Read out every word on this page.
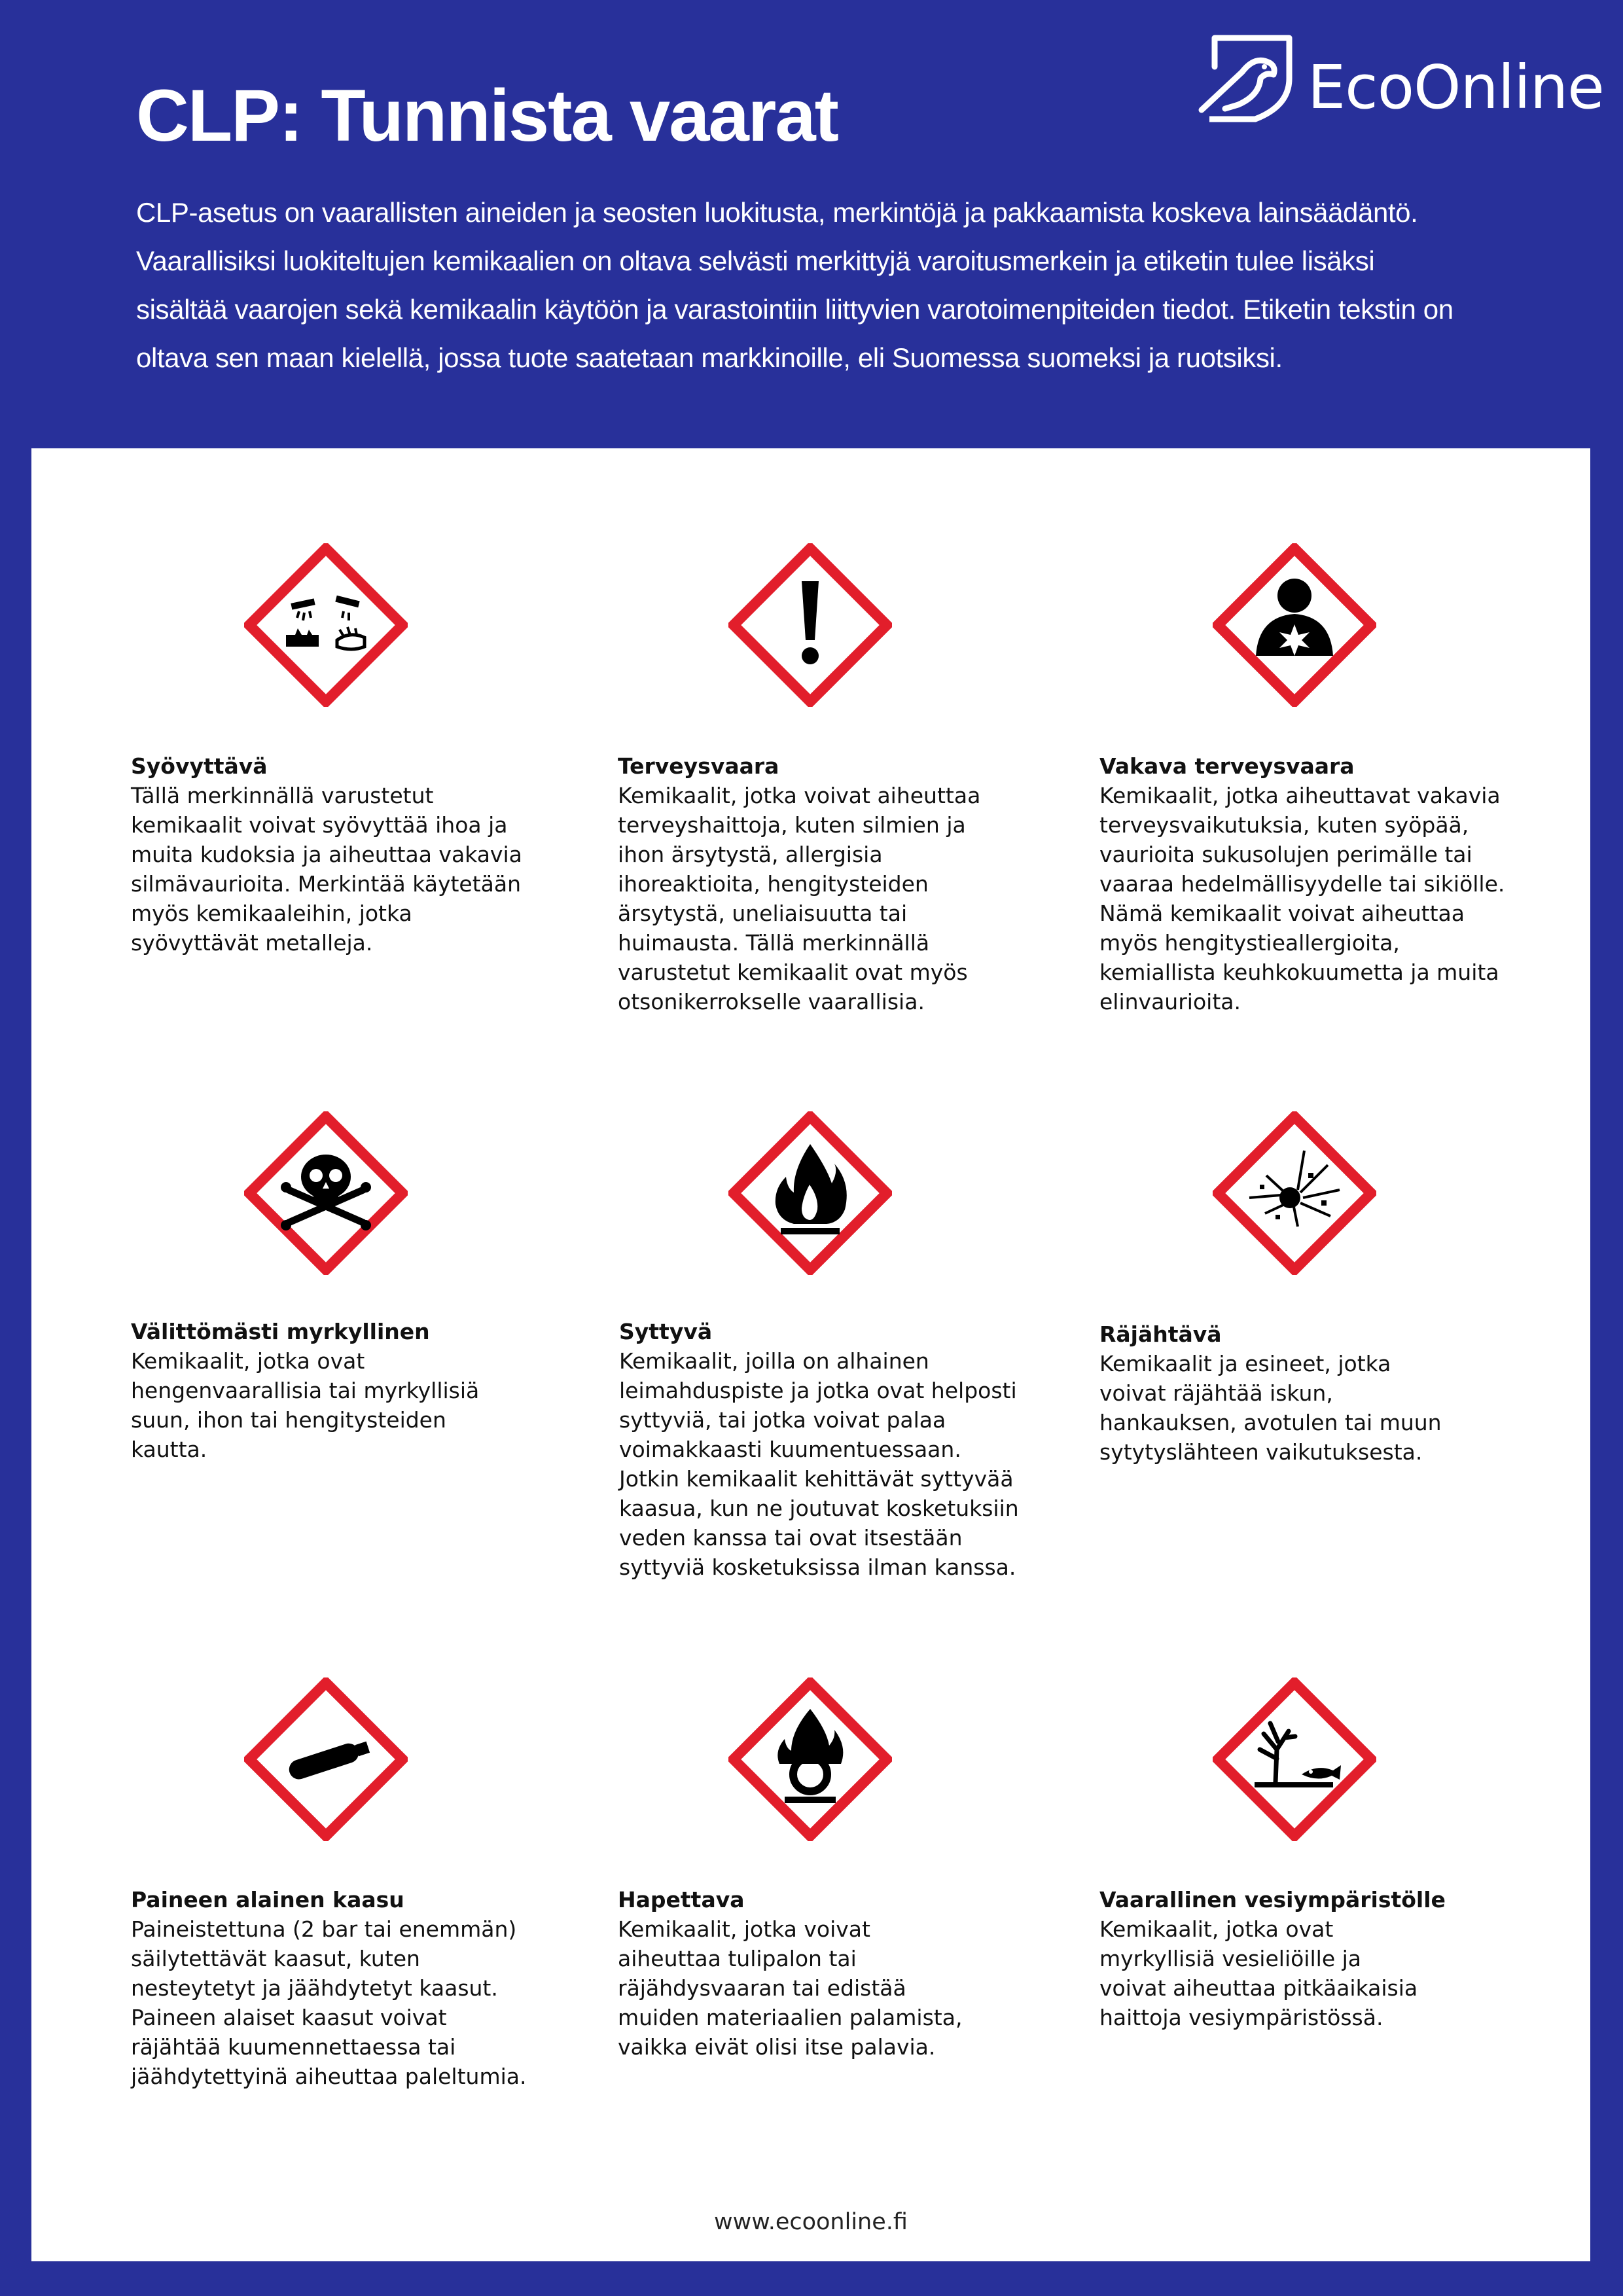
CLP: Tunnista vaarat	EcoOnline
CLP-asetus on vaarallisten aineiden ja seosten luokitusta, merkintöjä ja pakkaamista koskeva lainsäädäntö.
Vaarallisiksi luokiteltujen kemikaalien on oltava selvästi merkittyjä varoitusmerkein ja etiketin tulee lisäksi
sisältää vaarojen sekä kemikaalin käytöön ja varastointiin liittyvien varotoimenpiteiden tiedot. Etiketin tekstin on
oltava sen maan kielellä, jossa tuote saatetaan markkinoille, eli Suomessa suomeksi ja ruotsiksi.
Syövyttävä
Tällä merkinnällä varustetut
kemikaalit voivat syövyttää ihoa ja
muita kudoksia ja aiheuttaa vakavia
silmävaurioita. Merkintää käytetään
myös kemikaaleihin, jotka
syövyttävät metalleja.
Terveysvaara
Kemikaalit, jotka voivat aiheuttaa
terveyshaittoja, kuten silmien ja
ihon ärsytystä, allergisia
ihoreaktioita, hengitysteiden
ärsytystä, uneliaisuutta tai
huimausta. Tällä merkinnällä
varustetut kemikaalit ovat myös
otsonikerrokselle vaarallisia.
Vakava terveysvaara
Kemikaalit, jotka aiheuttavat vakavia
terveysvaikutuksia, kuten syöpää,
vaurioita sukusolujen perimälle tai
vaaraa hedelmällisyydelle tai sikiölle.
Nämä kemikaalit voivat aiheuttaa
myös hengitystieallergioita,
kemiallista keuhkokuumetta ja muita
elinvaurioita.
Välittömästi myrkyllinen
Kemikaalit, jotka ovat
hengenvaarallisia tai myrkyllisiä
suun, ihon tai hengitysteiden
kautta.
Syttyvä
Kemikaalit, joilla on alhainen
leimahduspiste ja jotka ovat helposti
syttyviä, tai jotka voivat palaa
voimakkaasti kuumentuessaan.
Jotkin kemikaalit kehittävät syttyvää
kaasua, kun ne joutuvat kosketuksiin
veden kanssa tai ovat itsestään
syttyviä kosketuksissa ilman kanssa.
Räjähtävä
Kemikaalit ja esineet, jotka
voivat räjähtää iskun,
hankauksen, avotulen tai muun
sytytyslähteen vaikutuksesta.
Paineen alainen kaasu
Paineistettuna (2 bar tai enemmän)
säilytettävät kaasut, kuten
nesteytetyt ja jäähdytetyt kaasut.
Paineen alaiset kaasut voivat
räjähtää kuumennettaessa tai
jäähdytettyinä aiheuttaa paleltumia.
Hapettava
Kemikaalit, jotka voivat
aiheuttaa tulipalon tai
räjähdysvaaran tai edistää
muiden materiaalien palamista,
vaikka eivät olisi itse palavia.
Vaarallinen vesiympäristölle
Kemikaalit, jotka ovat
myrkyllisiä vesieliöille ja
voivat aiheuttaa pitkäaikaisia
haittoja vesiympäristössä.
www.ecoonline.fi
